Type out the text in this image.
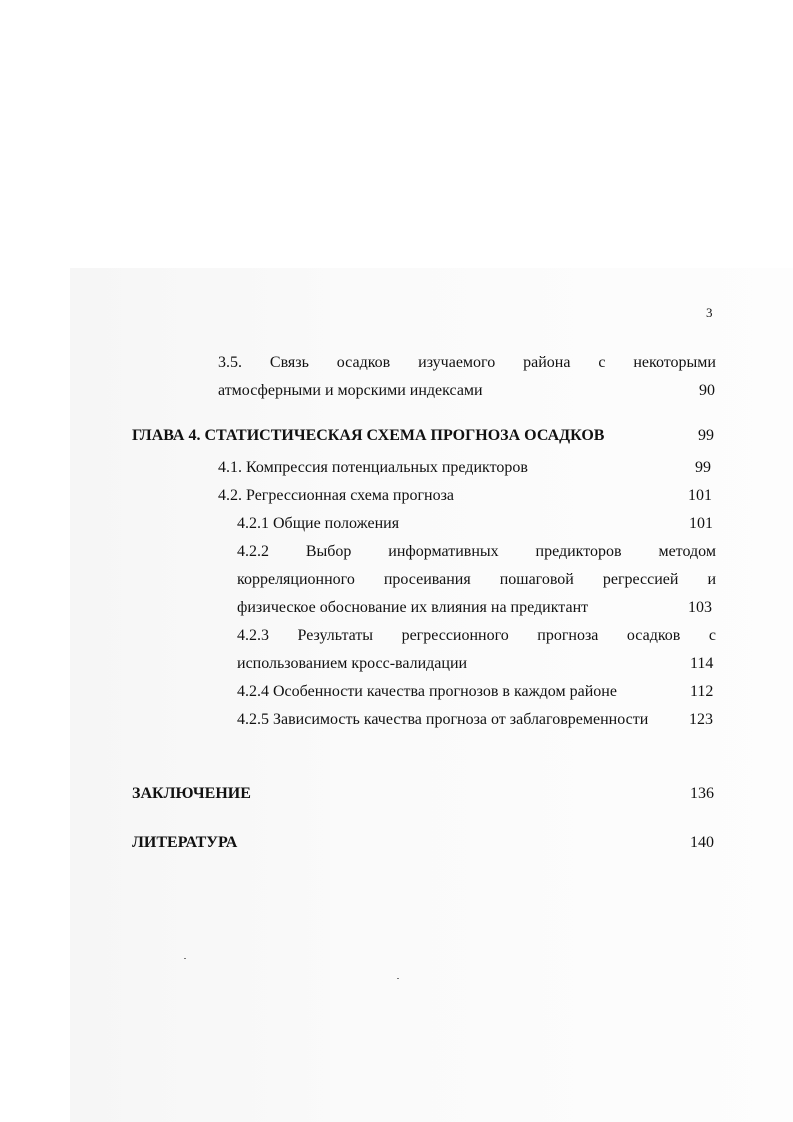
3
3.5. Связь осадков изучаемого района с некоторыми
атмосферными и морскими индексами	90
ГЛАВА 4. СТАТИСТИЧЕСКАЯ СХЕМА ПРОГНОЗА ОСАДКОВ	99
4.1. Компрессия потенциальных предикторов	99
4.2. Регрессионная схема прогноза	101
4.2.1 Общие положения	101
4.2.2 Выбор информативных предикторов методом
корреляционного просеивания пошаговой регрессией и
физическое обоснование их влияния на предиктант	103
4.2.3 Результаты регрессионного прогноза осадков с
использованием кросс-валидации	114
4.2.4 Особенности качества прогнозов в каждом районе	112
4.2.5 Зависимость качества прогноза от заблаговременности	123
ЗАКЛЮЧЕНИЕ	136
ЛИТЕРАТУРА	140
